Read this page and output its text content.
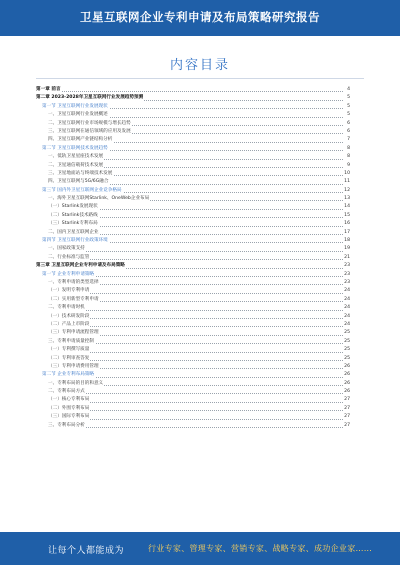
卫星互联网企业专利申请及布局策略研究报告
内容目录
第一章 前言	4
第二章 2023-2028年卫星互联网行业发展趋势预测	5
第一节 卫星互联网行业发展现状	5
一、卫星互联网行业发展概述	5
二、卫星互联网行业市场规模与增长趋势	6
三、卫星互联网在通信领域的应用及发展	6
四、卫星互联网产业链结构分析	7
第二节 卫星互联网技术发展趋势	8
一、低轨卫星星座技术发展	8
二、卫星通信载荷技术发展	9
三、卫星地面站与终端技术发展	10
四、卫星互联网与5G/6G融合	11
第三节 国内外卫星互联网企业竞争格局	12
一、海外卫星互联网Starlink、OneWeb企业布局	13
（一）Starlink发展现状	14
（二）Starlink技术路线	15
（三）Starlink专利布局	16
二、国内卫星互联网企业	17
第四节 卫星互联网行业政策环境	18
一、国家政策支持	19
二、行业标准与监管	21
第三章 卫星互联网企业专利申请及布局策略	23
第一节 企业专利申请策略	23
一、专利申请的类型选择	23
（一）发明专利申请	24
（二）实用新型专利申请	24
二、专利申请时机	24
（一）技术研发阶段	24
（二）产品上市阶段	24
（三）专利申请流程管理	25
三、专利申请质量控制	25
（一）专利撰写质量	25
（二）专利审查答复	25
（三）专利申请费用管理	26
第二节 企业专利布局策略	26
一、专利布局的目的和意义	26
二、专利布局方式	26
（一）核心专利布局	27
（二）外围专利布局	27
（三）国际专利布局	27
三、专利布局分析	27
让每个人都能成为	行业专家、管理专家、营销专家、战略专家、成功企业家……
